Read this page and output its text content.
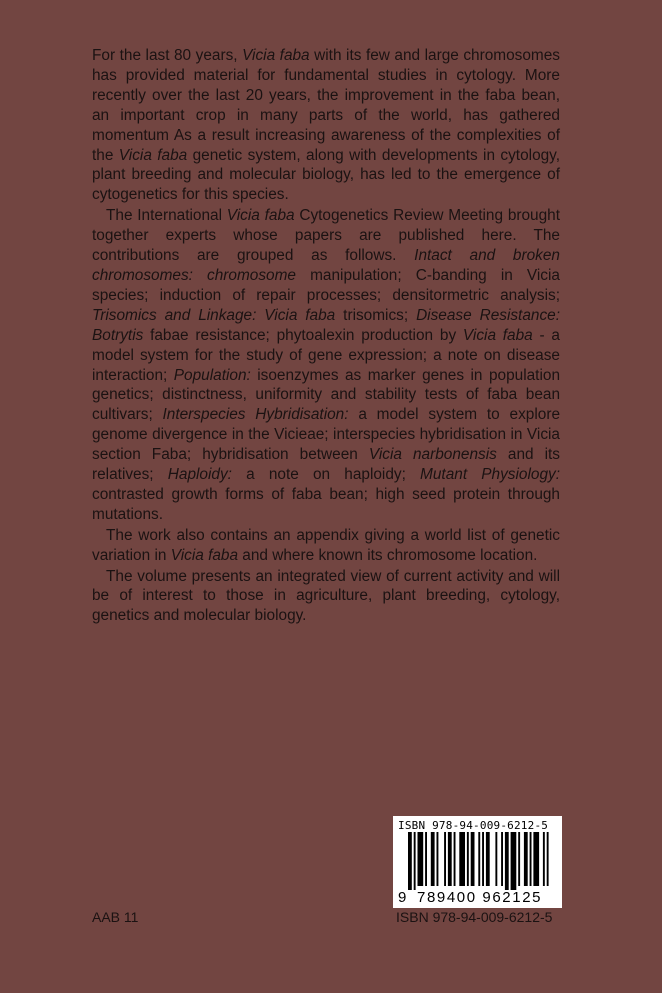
For the last 80 years, Vicia faba with its few and large chromosomes has provided material for fundamental studies in cytology. More recently over the last 20 years, the improvement in the faba bean, an important crop in many parts of the world, has gathered momentum As a result increasing awareness of the complexities of the Vicia faba genetic system, along with developments in cytology, plant breeding and molecular biology, has led to the emergence of cytogenetics for this species.

The International Vicia faba Cytogenetics Review Meeting brought together experts whose papers are published here. The contributions are grouped as follows. Intact and broken chromosomes: chromosome manipulation; C-banding in Vicia species; induction of repair processes; densitormetric analysis; Trisomics and Linkage: Vicia faba trisomics; Disease Resistance: Botrytis fabae resistance; phytoalexin production by Vicia faba - a model system for the study of gene expression; a note on disease interaction; Population: isoenzymes as marker genes in population genetics; distinctness, uniformity and stability tests of faba bean cultivars; Interspecies Hybridisation: a model system to explore genome divergence in the Vicieae; interspecies hybridisation in Vicia section Faba; hybridisation between Vicia narbonensis and its relatives; Haploidy: a note on haploidy; Mutant Physiology: contrasted growth forms of faba bean; high seed protein through mutations.

The work also contains an appendix giving a world list of genetic variation in Vicia faba and where known its chromosome location.

The volume presents an integrated view of current activity and will be of interest to those in agriculture, plant breeding, cytology, genetics and molecular biology.

ISBN 978-94-009-6212-5
9 789400 962125
AAB 11	ISBN 978-94-009-6212-5
